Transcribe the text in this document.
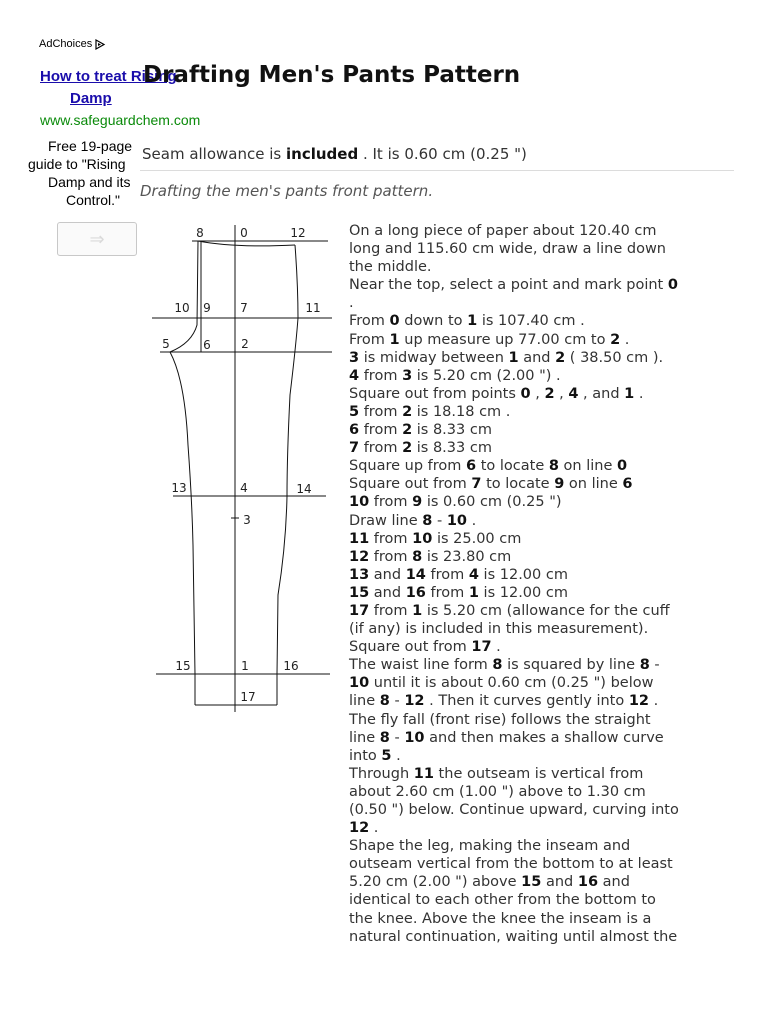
AdChoices
How to treat Rising
Damp
www.safeguardchem.com
Free 19-page
guide to "Rising
Damp and its
Control."
⇒
Drafting Men's Pants Pattern
Seam allowance is included . It is 0.60 cm (0.25 ")
Drafting the men's pants front pattern.
8	0	12
10 9 7	11
5	6	2
13	4	14
3
15	1	16
17
On a long piece of paper about 120.40 cm
long and 115.60 cm wide, draw a line down
the middle.
Near the top, select a point and mark point 0
.
From 0 down to 1 is 107.40 cm .
From 1 up measure up 77.00 cm to 2 .
3 is midway between 1 and 2 ( 38.50 cm ).
4 from 3 is 5.20 cm (2.00 ") .
Square out from points 0 , 2 , 4 , and 1 .
5 from 2 is 18.18 cm .
6 from 2 is 8.33 cm
7 from 2 is 8.33 cm
Square up from 6 to locate 8 on line 0
Square out from 7 to locate 9 on line 6
10 from 9 is 0.60 cm (0.25 ")
Draw line 8 - 10 .
11 from 10 is 25.00 cm
12 from 8 is 23.80 cm
13 and 14 from 4 is 12.00 cm
15 and 16 from 1 is 12.00 cm
17 from 1 is 5.20 cm (allowance for the cuff
(if any) is included in this measurement).
Square out from 17 .
The waist line form 8 is squared by line 8 -
10 until it is about 0.60 cm (0.25 ") below
line 8 - 12 . Then it curves gently into 12 .
The fly fall (front rise) follows the straight
line 8 - 10 and then makes a shallow curve
into 5 .
Through 11 the outseam is vertical from
about 2.60 cm (1.00 ") above to 1.30 cm
(0.50 ") below. Continue upward, curving into
12 .
Shape the leg, making the inseam and
outseam vertical from the bottom to at least
5.20 cm (2.00 ") above 15 and 16 and
identical to each other from the bottom to
the knee. Above the knee the inseam is a
natural continuation, waiting until almost the
